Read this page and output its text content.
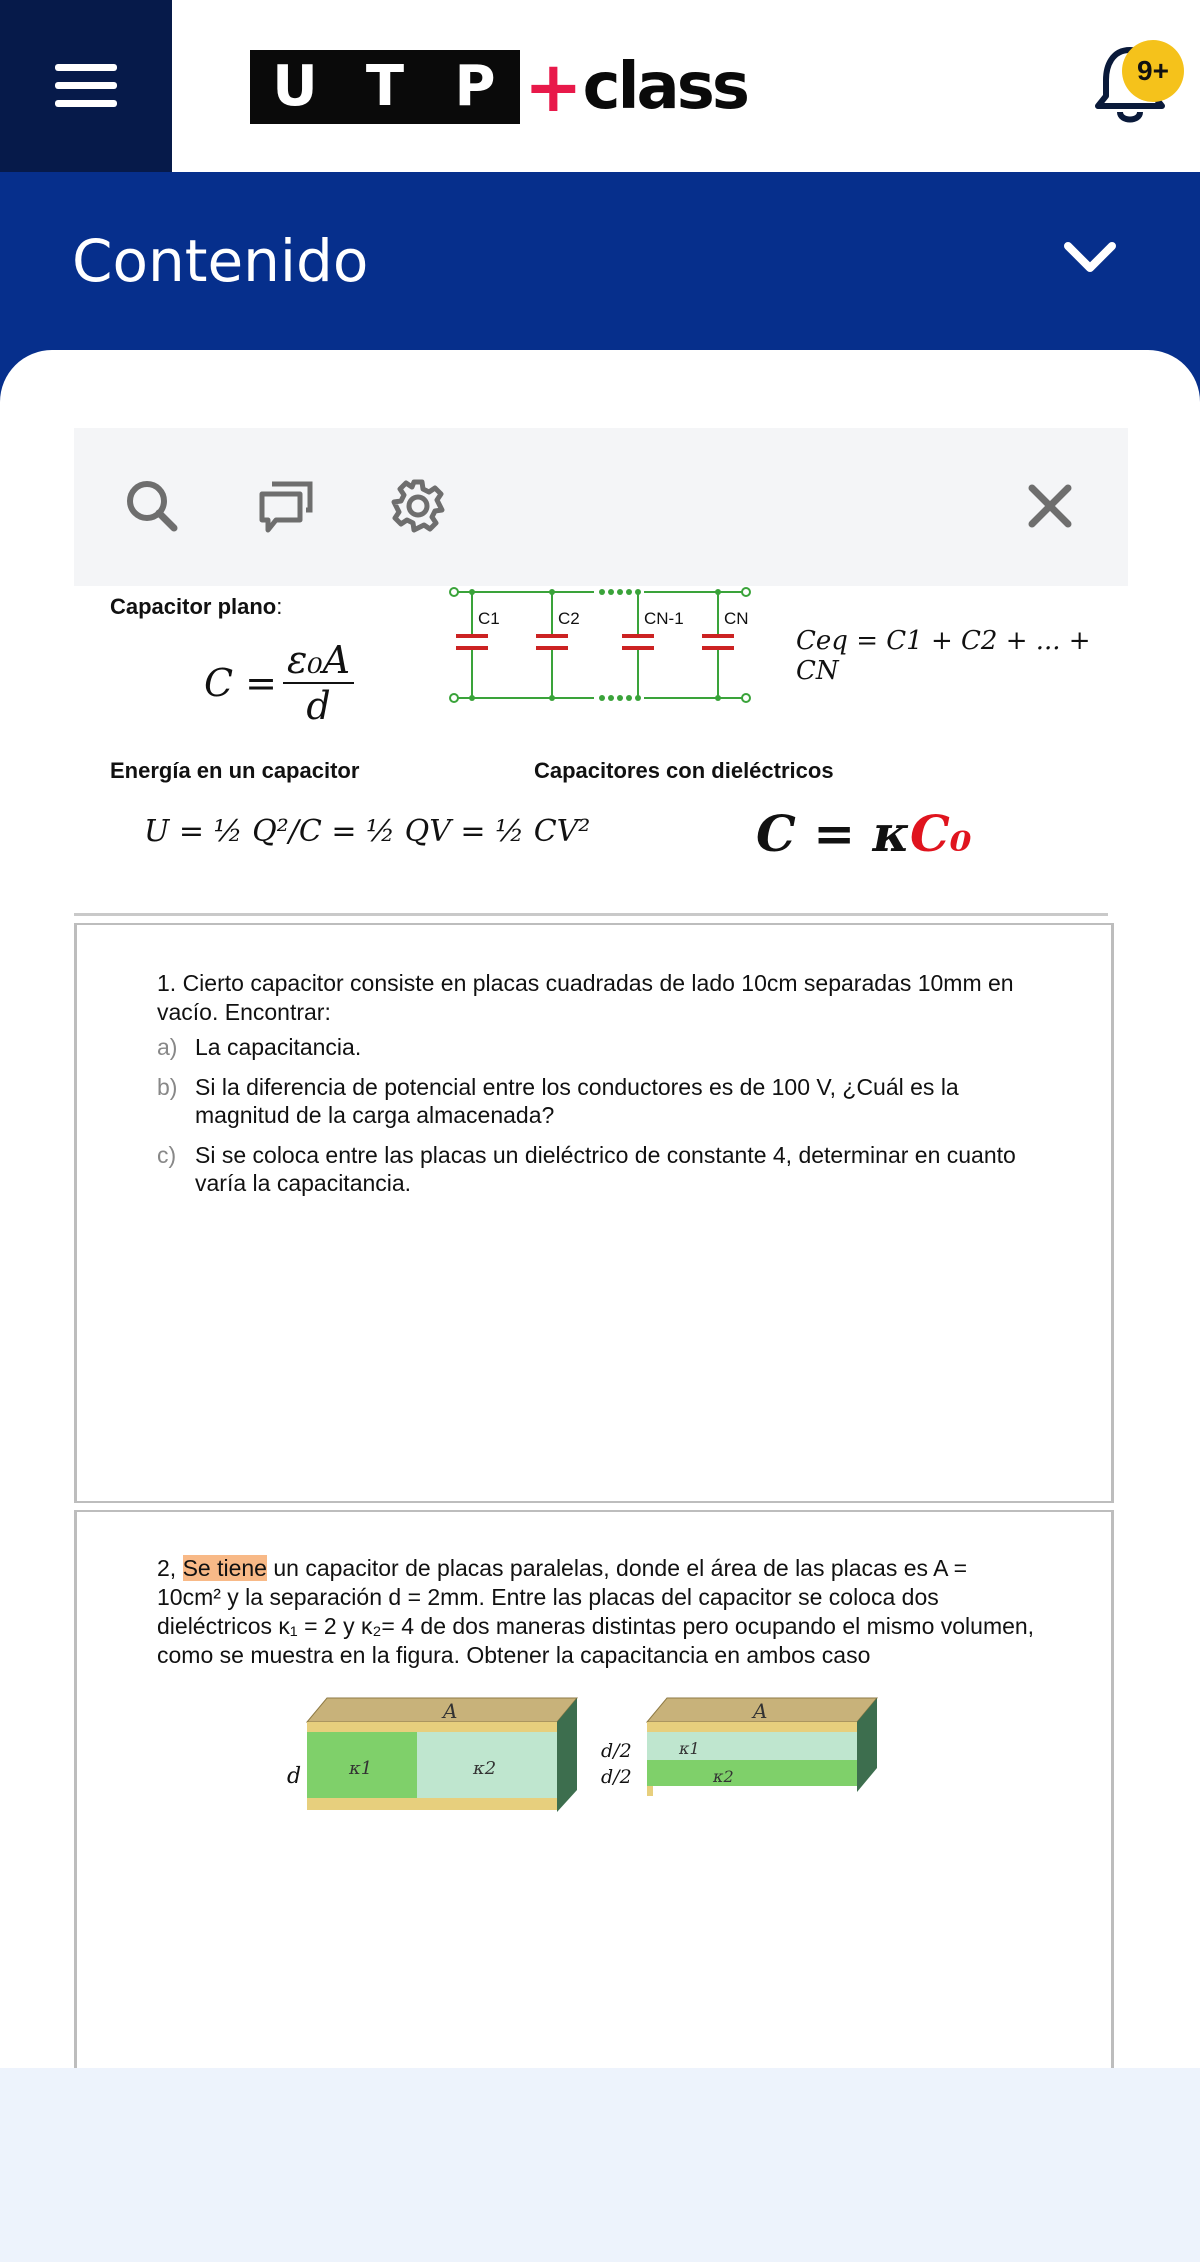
U T P + class	9+
Contenido
Capacitor plano:
$C = \frac{\text{ε₀A}}{d}$
C1	C2	CN-1 CN
Ceq = C1 + C2 + ... + CN
Energía en un capacitor	Capacitores con dieléctricos
U = ½ Q²/C = ½ QV = ½ CV²	C = κC₀
1. Cierto capacitor consiste en placas cuadradas de lado 10cm separadas 10mm en vacío. Encontrar:
a) La capacitancia.
b) Si la diferencia de potencial entre los conductores es de 100 V, ¿Cuál es la magnitud de la carga almacenada?
c) Si se coloca entre las placas un dieléctrico de constante 4, determinar en cuanto varía la capacitancia.
2, Se tiene un capacitor de placas paralelas, donde el área de las placas es A = 10cm² y la separación d = 2mm. Entre las placas del capacitor se coloca dos dieléctricos κ₁ = 2 y κ₂= 4 de dos maneras distintas pero ocupando el mismo volumen, como se muestra en la figura. Obtener la capacitancia en ambos caso
A
κ1	κ2
d
A
κ1
κ2
d/2
d/2
